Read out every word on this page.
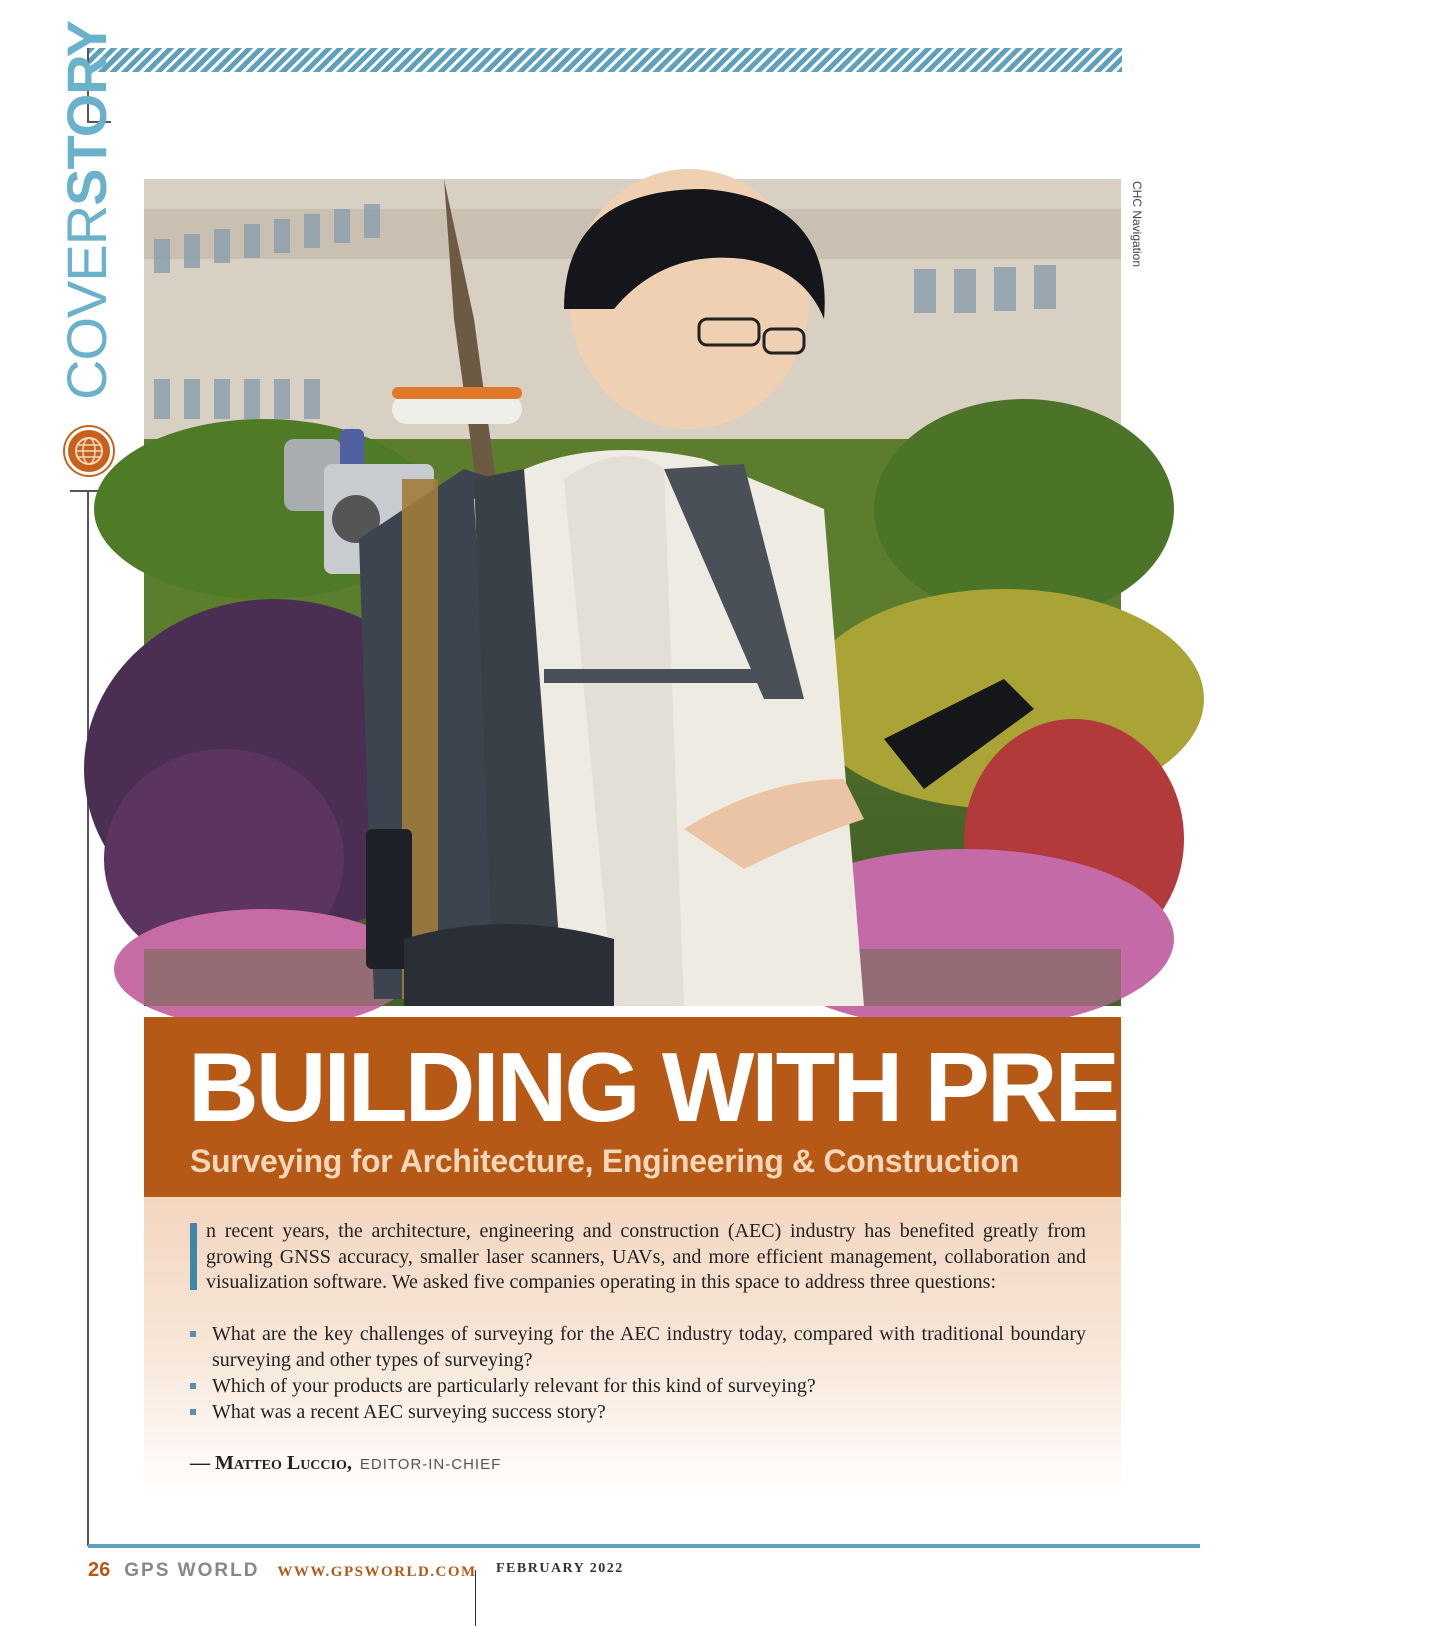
COVERSTORY
CHC Navigation
BUILDING WITH PRECISION
Surveying for Architecture, Engineering & Construction

n recent years, the architecture, engineering and construction (AEC) industry has benefited greatly from growing GNSS accuracy, smaller laser scanners, UAVs, and more efficient management, collaboration and visualization software. We asked five companies operating in this space to address three questions:

What are the key challenges of surveying for the AEC industry today, compared with traditional boundary surveying and other types of surveying?
Which of your products are particularly relevant for this kind of surveying?
What was a recent AEC surveying success story?
— Matteo Luccio, EDITOR-IN-CHIEF
26 GPS WORLD WWW.GPSWORLD.COM FEBRUARY 2022
